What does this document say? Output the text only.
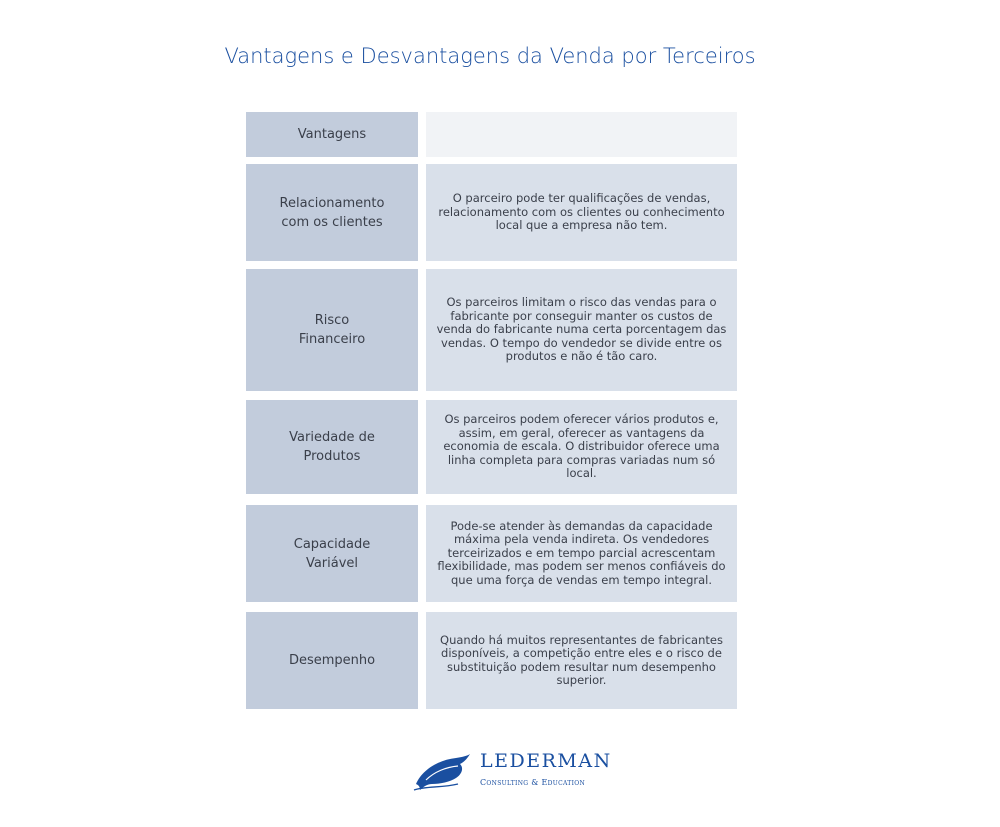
Vantagens e Desvantagens da Venda por Terceiros
Vantagens
Relacionamento
com os clientes
O parceiro pode ter qualificações de vendas, relacionamento com os clientes ou conhecimento local que a empresa não tem.
Risco
Financeiro
Os parceiros limitam o risco das vendas para o fabricante por conseguir manter os custos de venda do fabricante numa certa porcentagem das vendas. O tempo do vendedor se divide entre os produtos e não é tão caro.
Variedade de
Produtos
Os parceiros podem oferecer vários produtos e, assim, em geral, oferecer as vantagens da economia de escala. O distribuidor oferece uma linha completa para compras variadas num só local.
Capacidade
Variável
Pode-se atender às demandas da capacidade máxima pela venda indireta. Os vendedores terceirizados e em tempo parcial acrescentam flexibilidade, mas podem ser menos confiáveis do que uma força de vendas em tempo integral.
Desempenho
Quando há muitos representantes de fabricantes disponíveis, a competição entre eles e o risco de substituição podem resultar num desempenho superior.
LEDERMAN
Consulting & Education
